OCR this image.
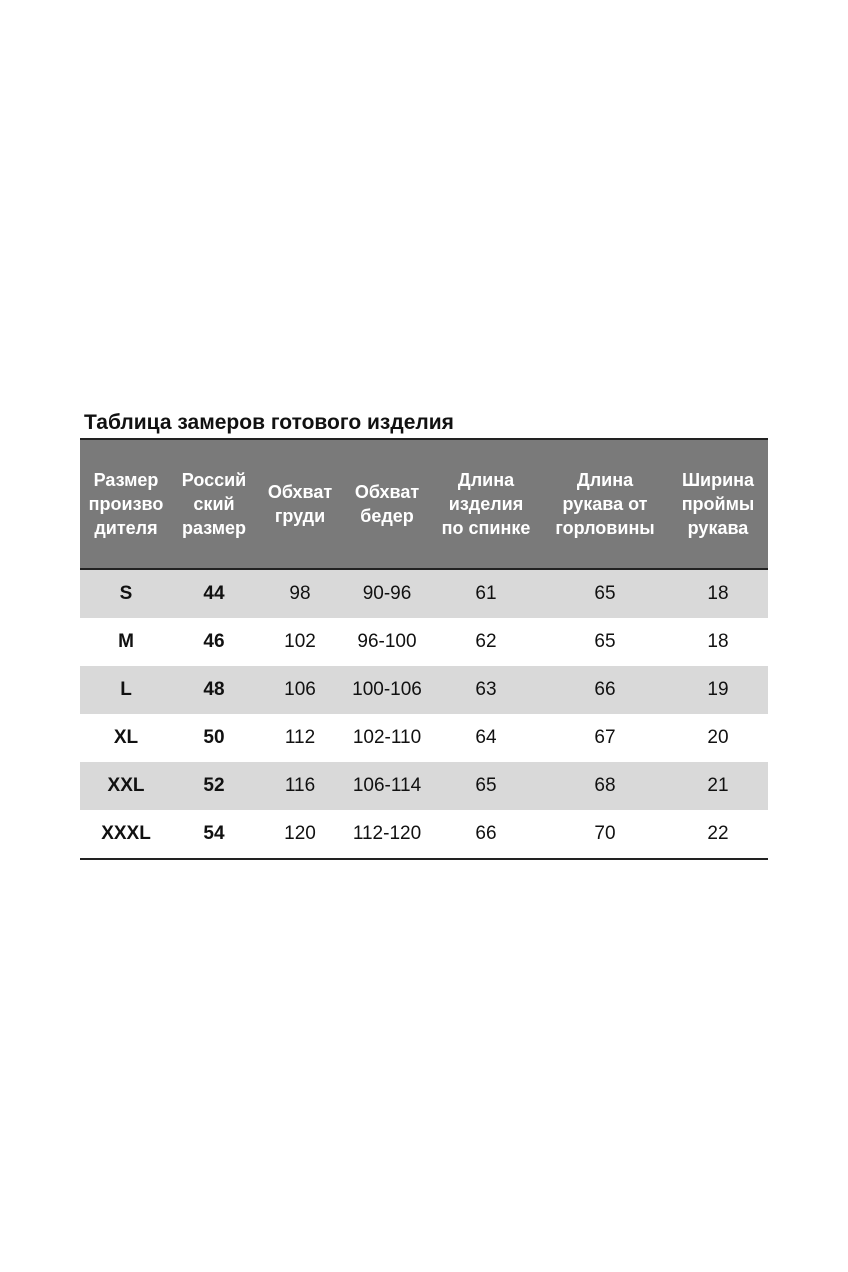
Таблица замеров готового изделия
Размер
произво
дителя	Россий
ский
размер	Обхват
груди	Обхват
бедер	Длина
изделия
по спинке	Длина
рукава от
горловины	Ширина
проймы
рукава
S	44	98	90-96	61	65	18
M	46	102	96-100	62	65	18
L	48	106	100-106	63	66	19
XL	50	112	102-110	64	67	20
XXL	52	116	106-114	65	68	21
XXXL	54	120	112-120	66	70	22
